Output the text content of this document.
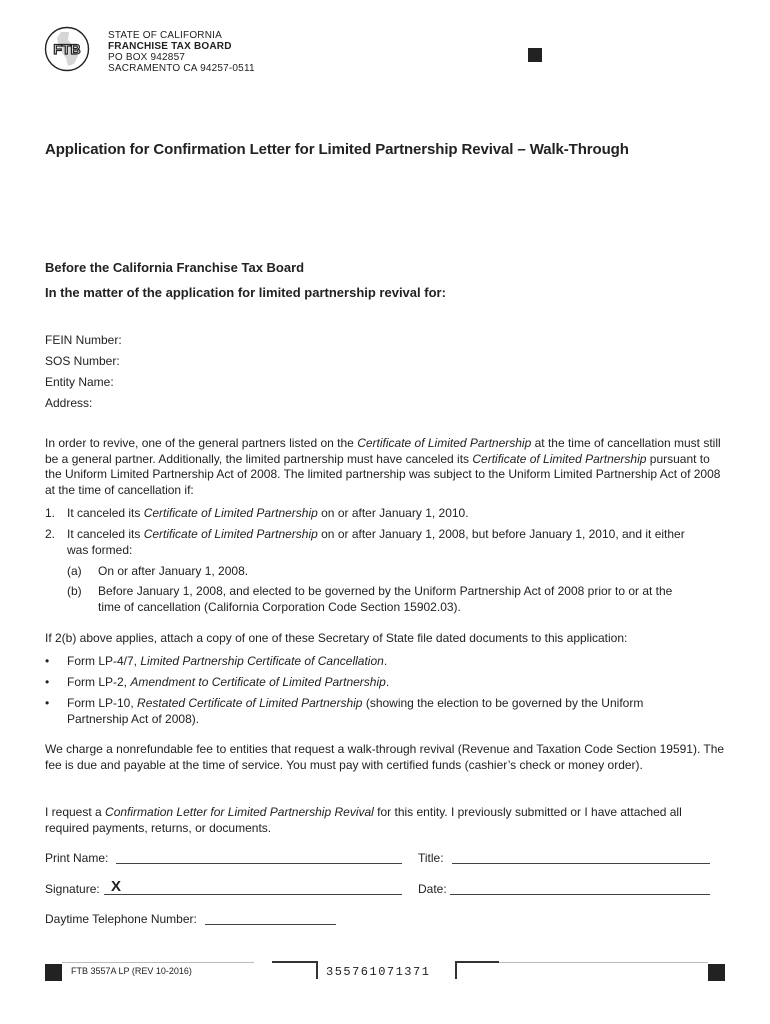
FTB
STATE OF CALIFORNIA
FRANCHISE TAX BOARD
PO BOX 942857
SACRAMENTO CA 94257-0511
Application for Confirmation Letter for Limited Partnership Revival – Walk-Through
Before the California Franchise Tax Board
In the matter of the application for limited partnership revival for:
FEIN Number:
SOS Number:
Entity Name:
Address:
In order to revive, one of the general partners listed on the Certificate of Limited Partnership at the time of cancellation must still be a general partner. Additionally, the limited partnership must have canceled its Certificate of Limited Partnership pursuant to the Uniform Limited Partnership Act of 2008. The limited partnership was subject to the Uniform Limited Partnership Act of 2008 at the time of cancellation if:
1. It canceled its Certificate of Limited Partnership on or after January 1, 2010.
2. It canceled its Certificate of Limited Partnership on or after January 1, 2008, but before January 1, 2010, and it either
was formed:
(a) On or after January 1, 2008.
(b) Before January 1, 2008, and elected to be governed by the Uniform Partnership Act of 2008 prior to or at the
time of cancellation (California Corporation Code Section 15902.03).
If 2(b) above applies, attach a copy of one of these Secretary of State file dated documents to this application:
• Form LP-4/7, Limited Partnership Certificate of Cancellation.
• Form LP-2, Amendment to Certificate of Limited Partnership.
• Form LP-10, Restated Certificate of Limited Partnership (showing the election to be governed by the Uniform
Partnership Act of 2008).
We charge a nonrefundable fee to entities that request a walk-through revival (Revenue and Taxation Code Section 19591). The fee is due and payable at the time of service. You must pay with certified funds (cashier’s check or money order).
I request a Confirmation Letter for Limited Partnership Revival for this entity. I previously submitted or I have attached all required payments, returns, or documents.
Print Name:	Title:
Signature: X	Date:
Daytime Telephone Number:
FTB 3557A LP (REV 10-2016)	355761071371
